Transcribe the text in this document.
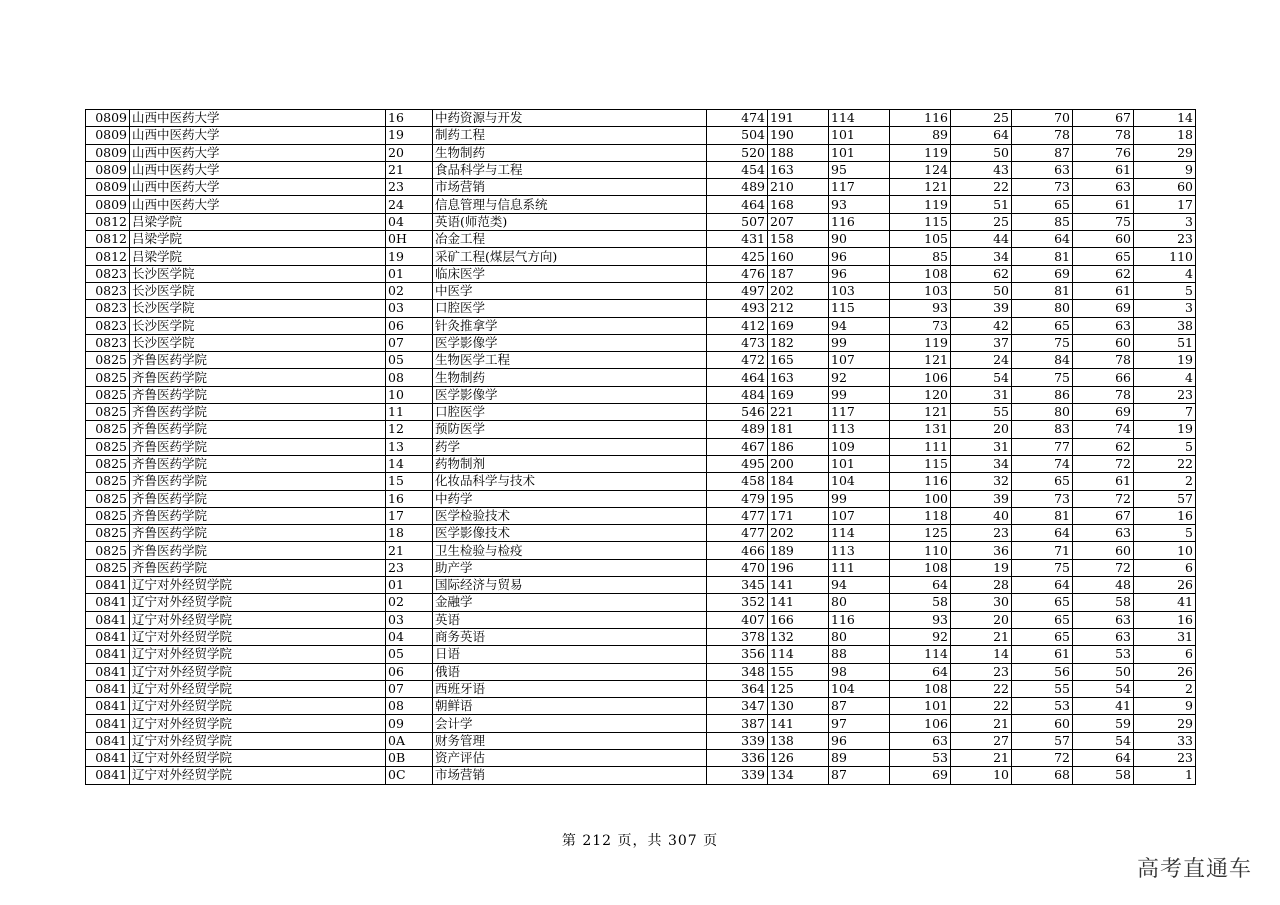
0809	山西中医药大学	16	中药资源与开发	474	191	114	116	25	70	67	14
0809	山西中医药大学	19	制药工程	504	190	101	89	64	78	78	18
0809	山西中医药大学	20	生物制药	520	188	101	119	50	87	76	29
0809	山西中医药大学	21	食品科学与工程	454	163	95	124	43	63	61	9
0809	山西中医药大学	23	市场营销	489	210	117	121	22	73	63	60
0809	山西中医药大学	24	信息管理与信息系统	464	168	93	119	51	65	61	17
0812	吕梁学院	04	英语(师范类)	507	207	116	115	25	85	75	3
0812	吕梁学院	0H	冶金工程	431	158	90	105	44	64	60	23
0812	吕梁学院	19	采矿工程(煤层气方向)	425	160	96	85	34	81	65	110
0823	长沙医学院	01	临床医学	476	187	96	108	62	69	62	4
0823	长沙医学院	02	中医学	497	202	103	103	50	81	61	5
0823	长沙医学院	03	口腔医学	493	212	115	93	39	80	69	3
0823	长沙医学院	06	针灸推拿学	412	169	94	73	42	65	63	38
0823	长沙医学院	07	医学影像学	473	182	99	119	37	75	60	51
0825	齐鲁医药学院	05	生物医学工程	472	165	107	121	24	84	78	19
0825	齐鲁医药学院	08	生物制药	464	163	92	106	54	75	66	4
0825	齐鲁医药学院	10	医学影像学	484	169	99	120	31	86	78	23
0825	齐鲁医药学院	11	口腔医学	546	221	117	121	55	80	69	7
0825	齐鲁医药学院	12	预防医学	489	181	113	131	20	83	74	19
0825	齐鲁医药学院	13	药学	467	186	109	111	31	77	62	5
0825	齐鲁医药学院	14	药物制剂	495	200	101	115	34	74	72	22
0825	齐鲁医药学院	15	化妆品科学与技术	458	184	104	116	32	65	61	2
0825	齐鲁医药学院	16	中药学	479	195	99	100	39	73	72	57
0825	齐鲁医药学院	17	医学检验技术	477	171	107	118	40	81	67	16
0825	齐鲁医药学院	18	医学影像技术	477	202	114	125	23	64	63	5
0825	齐鲁医药学院	21	卫生检验与检疫	466	189	113	110	36	71	60	10
0825	齐鲁医药学院	23	助产学	470	196	111	108	19	75	72	6
0841	辽宁对外经贸学院	01	国际经济与贸易	345	141	94	64	28	64	48	26
0841	辽宁对外经贸学院	02	金融学	352	141	80	58	30	65	58	41
0841	辽宁对外经贸学院	03	英语	407	166	116	93	20	65	63	16
0841	辽宁对外经贸学院	04	商务英语	378	132	80	92	21	65	63	31
0841	辽宁对外经贸学院	05	日语	356	114	88	114	14	61	53	6
0841	辽宁对外经贸学院	06	俄语	348	155	98	64	23	56	50	26
0841	辽宁对外经贸学院	07	西班牙语	364	125	104	108	22	55	54	2
0841	辽宁对外经贸学院	08	朝鲜语	347	130	87	101	22	53	41	9
0841	辽宁对外经贸学院	09	会计学	387	141	97	106	21	60	59	29
0841	辽宁对外经贸学院	0A	财务管理	339	138	96	63	27	57	54	33
0841	辽宁对外经贸学院	0B	资产评估	336	126	89	53	21	72	64	23
0841	辽宁对外经贸学院	0C	市场营销	339	134	87	69	10	68	58	1
第 212 页，共 307 页
高考直通车
